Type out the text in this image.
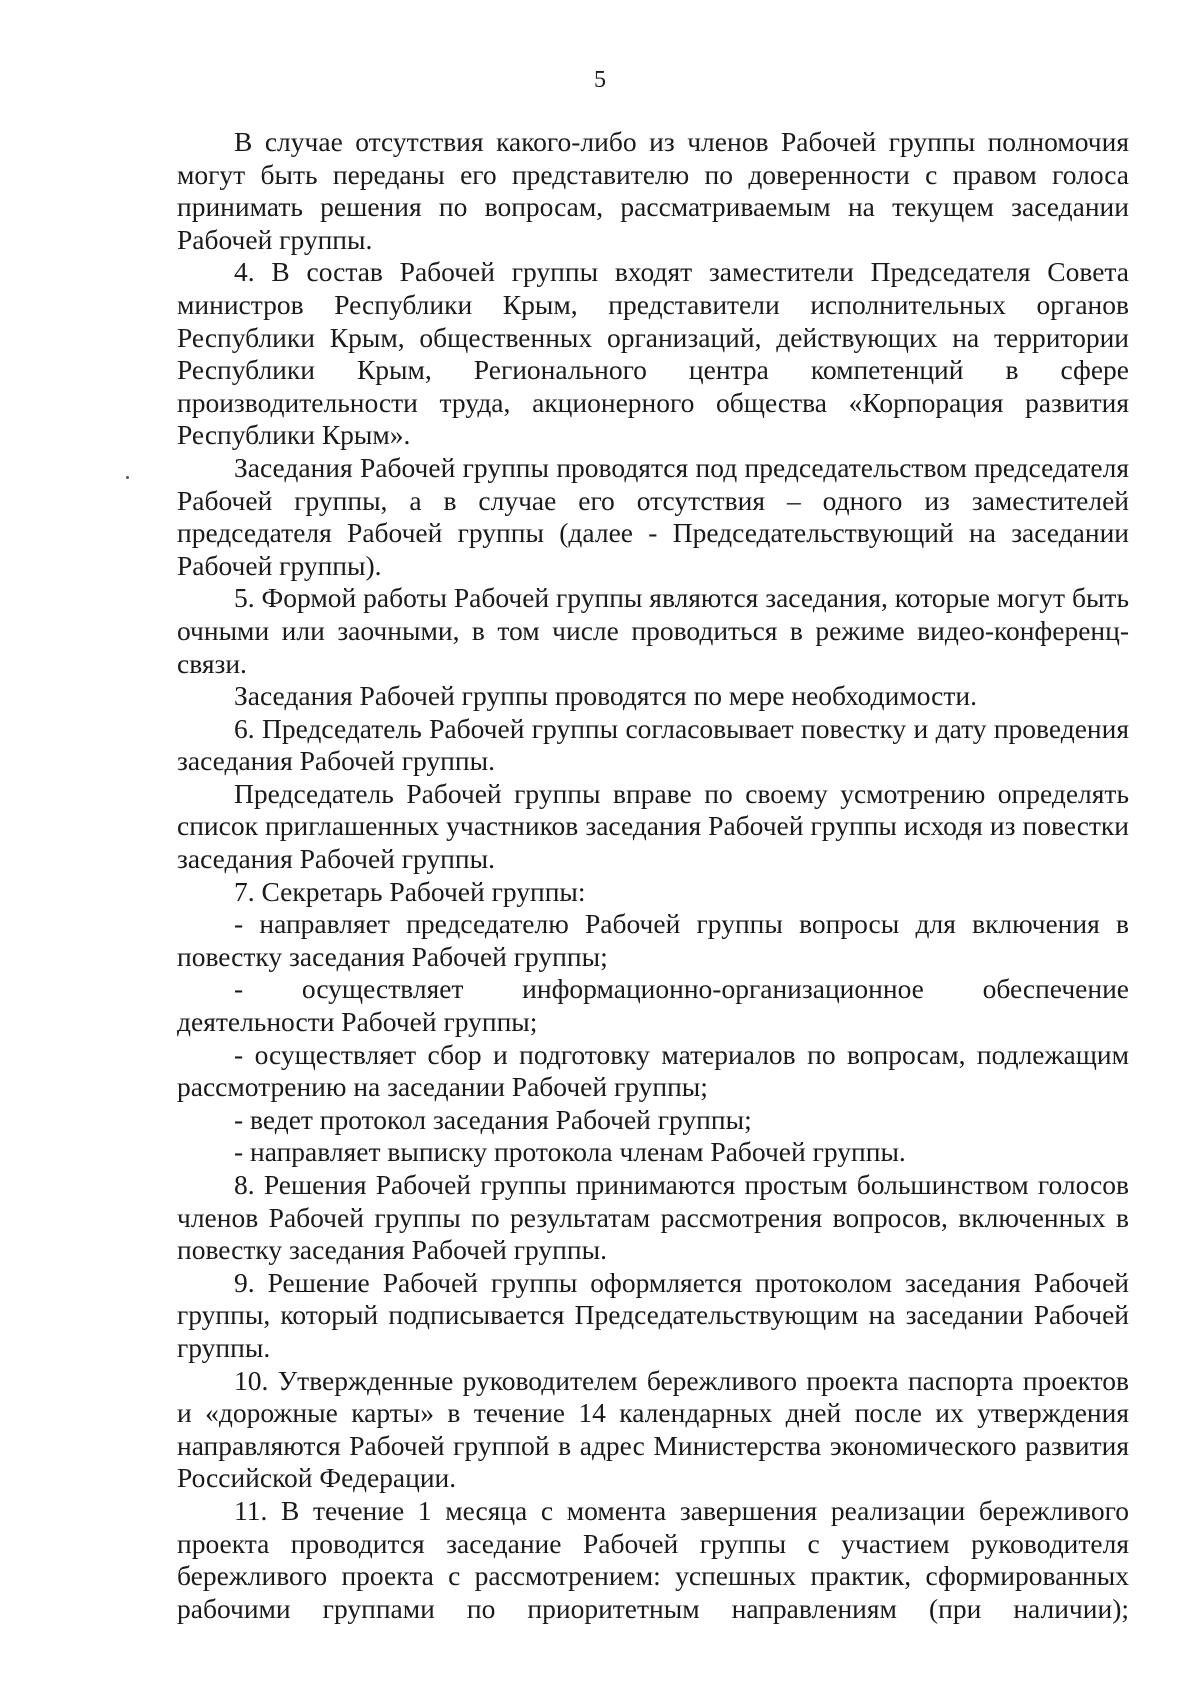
5

В случае отсутствия какого-либо из членов Рабочей группы полномочия могут быть переданы его представителю по доверенности с правом голоса принимать решения по вопросам, рассматриваемым на текущем заседании Рабочей группы.

4. В состав Рабочей группы входят заместители Председателя Совета министров Республики Крым, представители исполнительных органов Республики Крым, общественных организаций, действующих на территории Республики Крым, Регионального центра компетенций в сфере производительности труда, акционерного общества «Корпорация развития Республики Крым».

Заседания Рабочей группы проводятся под председательством председателя Рабочей группы, а в случае его отсутствия – одного из заместителей председателя Рабочей группы (далее - Председательствующий на заседании Рабочей группы).

5. Формой работы Рабочей группы являются заседания, которые могут быть очными или заочными, в том числе проводиться в режиме видео-конференц-связи.

Заседания Рабочей группы проводятся по мере необходимости.

6. Председатель Рабочей группы согласовывает повестку и дату проведения заседания Рабочей группы.

Председатель Рабочей группы вправе по своему усмотрению определять список приглашенных участников заседания Рабочей группы исходя из повестки заседания Рабочей группы.

7. Секретарь Рабочей группы:

- направляет председателю Рабочей группы вопросы для включения в повестку заседания Рабочей группы;

- осуществляет информационно-организационное обеспечение деятельности Рабочей группы;

- осуществляет сбор и подготовку материалов по вопросам, подлежащим рассмотрению на заседании Рабочей группы;

- ведет протокол заседания Рабочей группы;

- направляет выписку протокола членам Рабочей группы.

8. Решения Рабочей группы принимаются простым большинством голосов членов Рабочей группы по результатам рассмотрения вопросов, включенных в повестку заседания Рабочей группы.

9. Решение Рабочей группы оформляется протоколом заседания Рабочей группы, который подписывается Председательствующим на заседании Рабочей группы.

10. Утвержденные руководителем бережливого проекта паспорта проектов и «дорожные карты» в течение 14 календарных дней после их утверждения направляются Рабочей группой в адрес Министерства экономического развития Российской Федерации.

11. В течение 1 месяца с момента завершения реализации бережливого проекта проводится заседание Рабочей группы с участием руководителя бережливого проекта с рассмотрением: успешных практик, сформированных рабочими группами по приоритетным направлениям (при наличии);
